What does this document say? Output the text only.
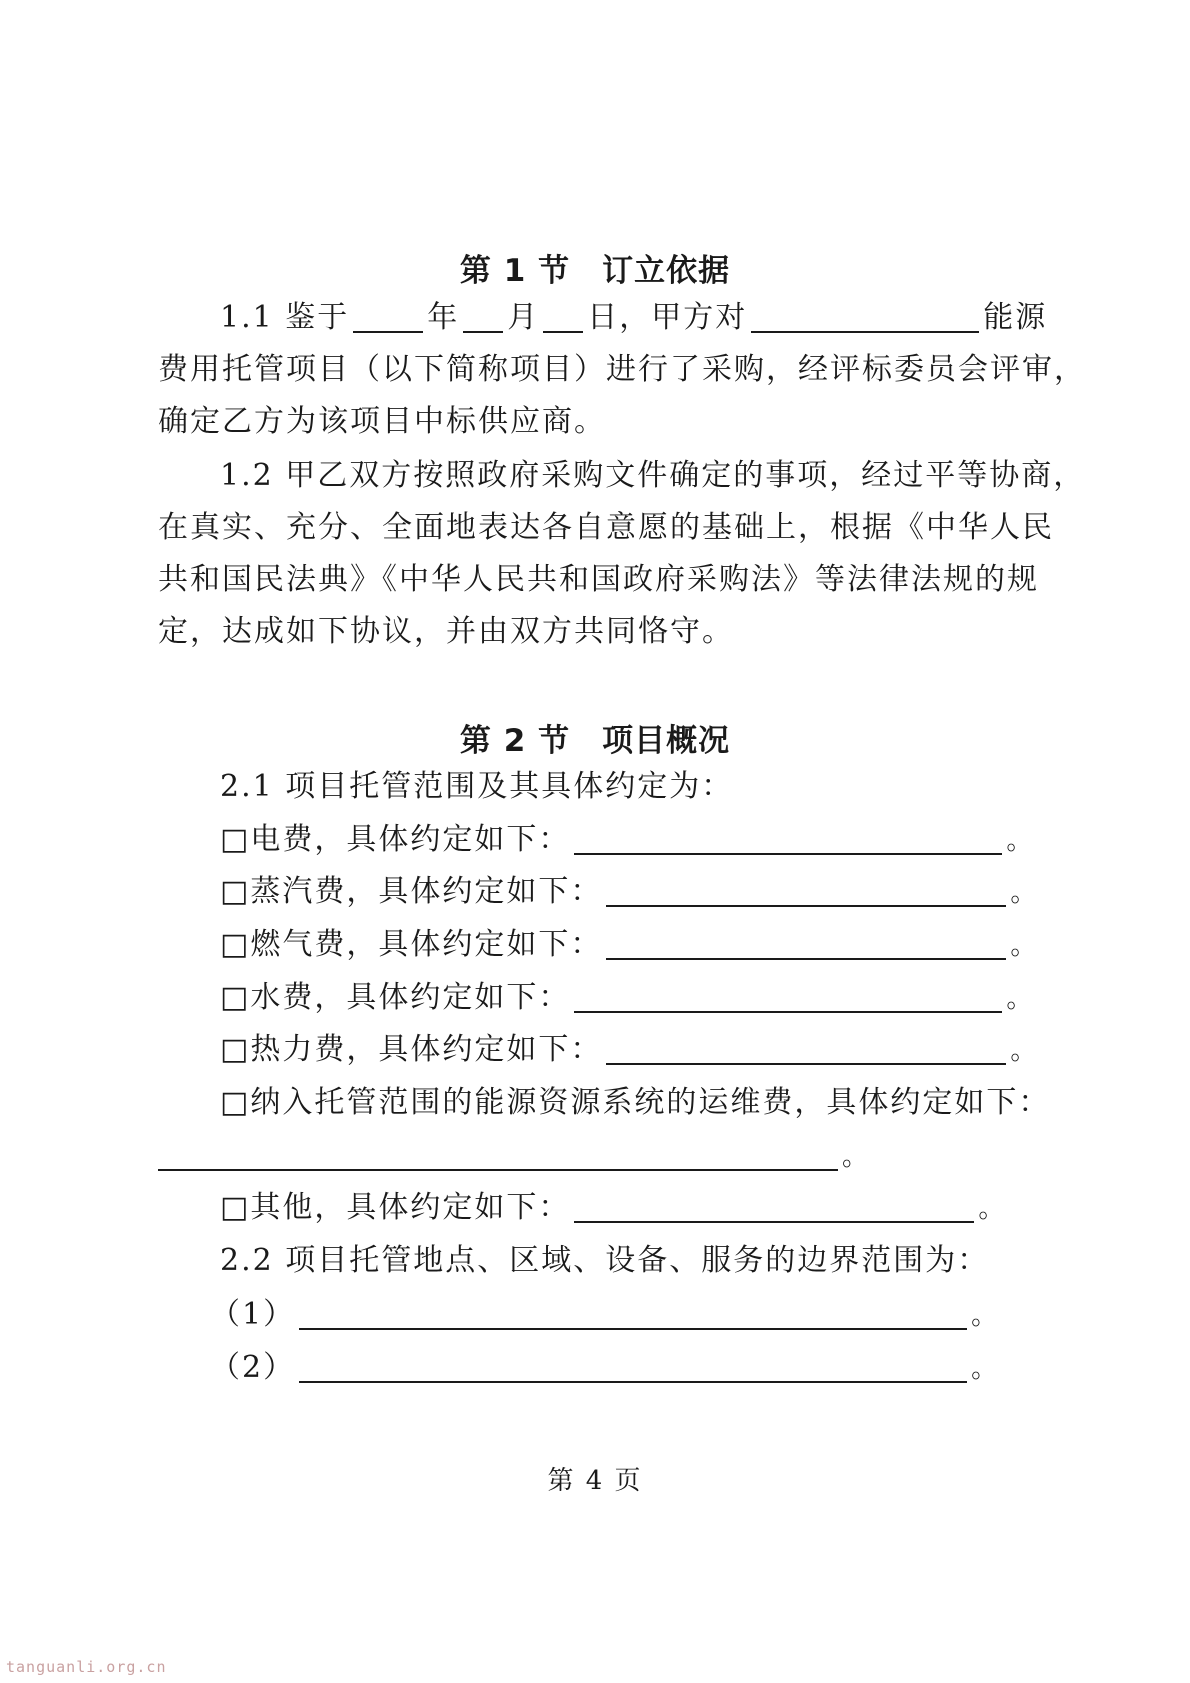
第 1 节　订立依据
1.1 鉴于	年 月 日，甲方对	能源
费用托管项目（以下简称项目）进行了采购，经评标委员会评审，
确定乙方为该项目中标供应商。
1.2 甲乙双方按照政府采购文件确定的事项，经过平等协商，
在真实、充分、全面地表达各自意愿的基础上，根据《中华人民
共和国民法典》《中华人民共和国政府采购法》等法律法规的规
定，达成如下协议，并由双方共同恪守。
第 2 节　项目概况
2.1 项目托管范围及其具体约定为：
□电费，具体约定如下：	。
□蒸汽费，具体约定如下：	。
□燃气费，具体约定如下：	。
□水费，具体约定如下：	。
□热力费，具体约定如下：	。
□纳入托管范围的能源资源系统的运维费，具体约定如下：
。
□其他，具体约定如下：	。
2.2 项目托管地点、区域、设备、服务的边界范围为：
（1）	。
（2）	。
第 4 页
tanguanli.org.cn
